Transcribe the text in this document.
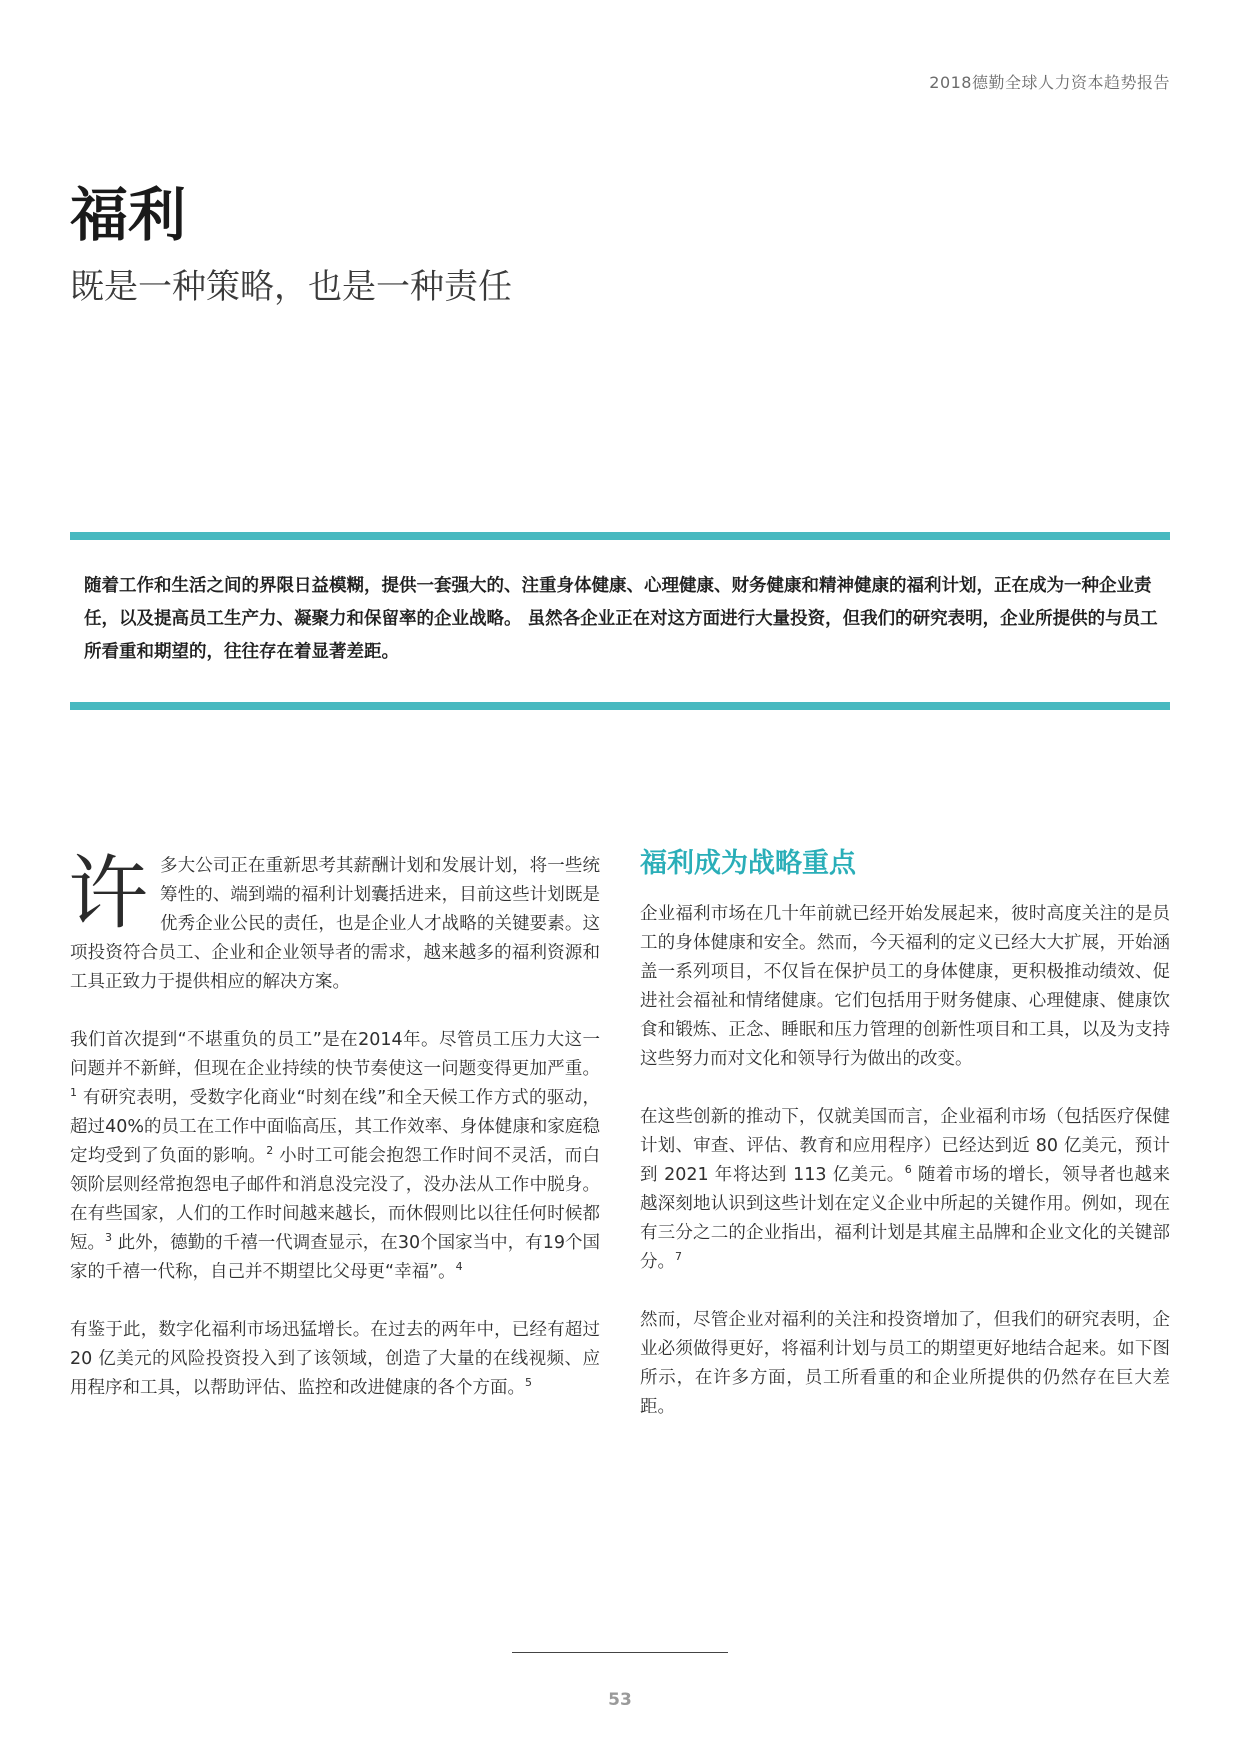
2018德勤全球人力资本趋势报告
福利
既是一种策略，也是一种责任

随着工作和生活之间的界限日益模糊，提供一套强大的、注重身体健康、心理健康、财务健康和精神健康的福利计划，正在成为一种企业责任，以及提高员工生产力、凝聚力和保留率的企业战略。 虽然各企业正在对这方面进行大量投资，但我们的研究表明，企业所提供的与员工所看重和期望的，往往存在着显著差距。

许多大公司正在重新思考其薪酬计划和发展计划，将一些统筹性的、端到端的福利计划囊括进来，目前这些计划既是优秀企业公民的责任，也是企业人才战略的关键要素。这项投资符合员工、企业和企业领导者的需求，越来越多的福利资源和工具正致力于提供相应的解决方案。

我们首次提到“不堪重负的员工”是在2014年。尽管员工压力大这一问题并不新鲜，但现在企业持续的快节奏使这一问题变得更加严重。$^1$ 有研究表明，受数字化商业“时刻在线”和全天候工作方式的驱动，超过40%的员工在工作中面临高压，其工作效率、身体健康和家庭稳定均受到了负面的影响。$^2$ 小时工可能会抱怨工作时间不灵活，而白领阶层则经常抱怨电子邮件和消息没完没了，没办法从工作中脱身。在有些国家，人们的工作时间越来越长，而休假则比以往任何时候都短。$^3$ 此外，德勤的千禧一代调查显示，在30个国家当中，有19个国家的千禧一代称，自己并不期望比父母更“幸福”。$^4$

有鉴于此，数字化福利市场迅猛增长。在过去的两年中，已经有超过 20 亿美元的风险投资投入到了该领域，创造了大量的在线视频、应用程序和工具，以帮助评估、监控和改进健康的各个方面。$^5$

福利成为战略重点

企业福利市场在几十年前就已经开始发展起来，彼时高度关注的是员工的身体健康和安全。然而，今天福利的定义已经大大扩展，开始涵盖一系列项目，不仅旨在保护员工的身体健康，更积极推动绩效、促进社会福祉和情绪健康。它们包括用于财务健康、心理健康、健康饮食和锻炼、正念、睡眠和压力管理的创新性项目和工具，以及为支持这些努力而对文化和领导行为做出的改变。

在这些创新的推动下，仅就美国而言，企业福利市场（包括医疗保健计划、审查、评估、教育和应用程序）已经达到近 80 亿美元，预计到 2021 年将达到 113 亿美元。$^6$ 随着市场的增长，领导者也越来越深刻地认识到这些计划在定义企业中所起的关键作用。例如，现在有三分之二的企业指出，福利计划是其雇主品牌和企业文化的关键部分。$^7$

然而，尽管企业对福利的关注和投资增加了，但我们的研究表明，企业必须做得更好，将福利计划与员工的期望更好地结合起来。如下图所示，在许多方面，员工所看重的和企业所提供的仍然存在巨大差距。

53
